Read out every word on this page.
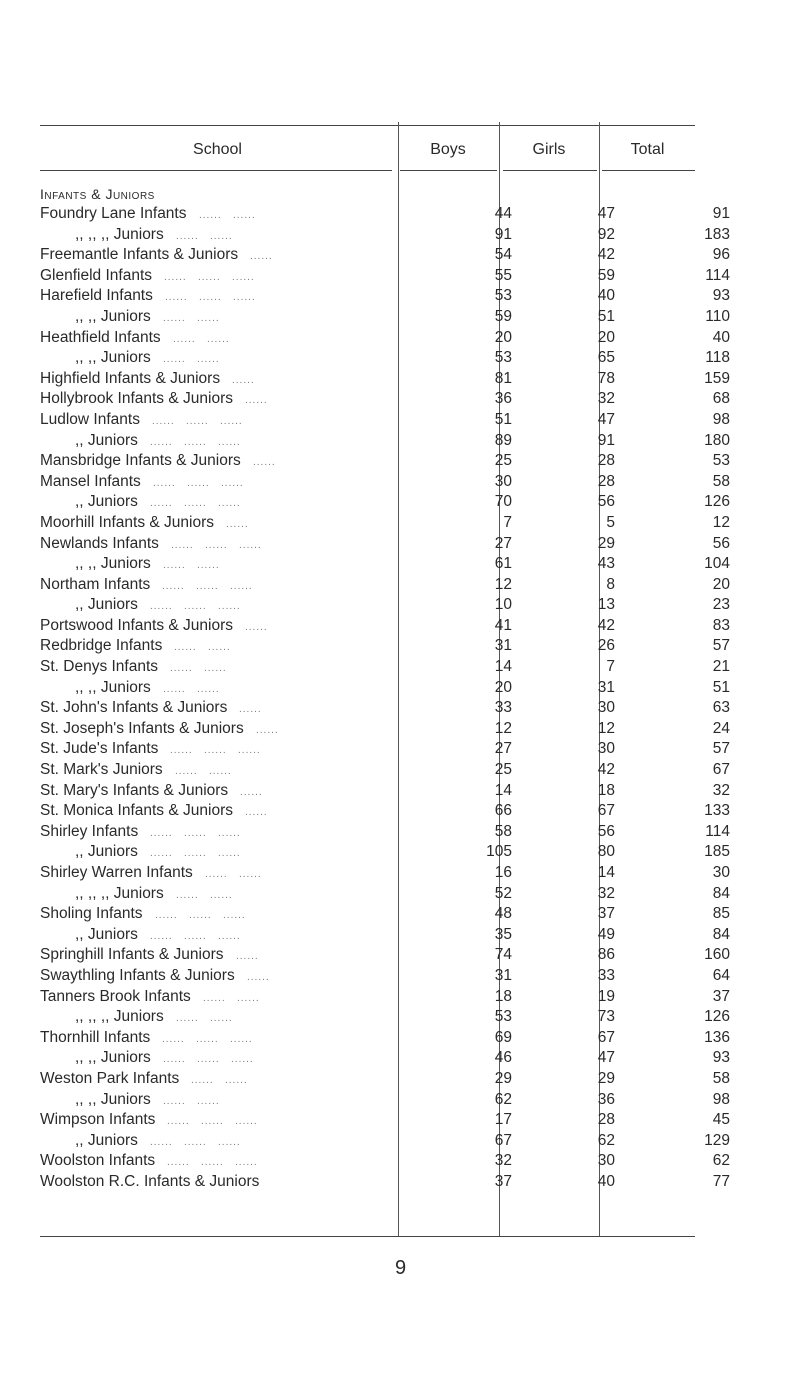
School	Boys	Girls	Total
Infants & Juniors
Foundry Lane Infants ......   ......	44	47	91
,, ,, ,, Juniors ......   ......	91	92	183
Freemantle Infants & Juniors ......	54	42	96
Glenfield Infants ......   ......   ......	55	59	114
Harefield Infants ......   ......   ......	53	40	93
,, ,, Juniors ......   ......	59	51	110
Heathfield Infants ......   ......	20	20	40
,, ,, Juniors ......   ......	53	65	118
Highfield Infants & Juniors ......	81	78	159
Hollybrook Infants & Juniors ......	36	32	68
Ludlow Infants ......   ......   ......	51	47	98
,, Juniors ......   ......   ......	89	91	180
Mansbridge Infants & Juniors ......	25	28	53
Mansel Infants ......   ......   ......	30	28	58
,, Juniors ......   ......   ......	70	56	126
Moorhill Infants & Juniors ......	7	5	12
Newlands Infants ......   ......   ......	27	29	56
,, ,, Juniors ......   ......	61	43	104
Northam Infants ......   ......   ......	12	8	20
,, Juniors ......   ......   ......	10	13	23
Portswood Infants & Juniors ......	41	42	83
Redbridge Infants ......   ......	31	26	57
St. Denys Infants ......   ......	14	7	21
,, ,, Juniors ......   ......	20	31	51
St. John's Infants & Juniors ......	33	30	63
St. Joseph's Infants & Juniors ......	12	12	24
St. Jude's Infants ......   ......   ......	27	30	57
St. Mark's Juniors ......   ......	25	42	67
St. Mary's Infants & Juniors ......	14	18	32
St. Monica Infants & Juniors ......	66	67	133
Shirley Infants ......   ......   ......	58	56	114
,, Juniors ......   ......   ......	105	80	185
Shirley Warren Infants ......   ......	16	14	30
,, ,, ,, Juniors ......   ......	52	32	84
Sholing Infants ......   ......   ......	48	37	85
,, Juniors ......   ......   ......	35	49	84
Springhill Infants & Juniors ......	74	86	160
Swaythling Infants & Juniors ......	31	33	64
Tanners Brook Infants ......   ......	18	19	37
,, ,, ,, Juniors ......   ......	53	73	126
Thornhill Infants ......   ......   ......	69	67	136
,, ,, Juniors ......   ......   ......	46	47	93
Weston Park Infants ......   ......	29	29	58
,, ,, Juniors ......   ......	62	36	98
Wimpson Infants ......   ......   ......	17	28	45
,, Juniors ......   ......   ......	67	62	129
Woolston Infants ......   ......   ......	32	30	62
Woolston R.C. Infants & Juniors	37	40	77
9
